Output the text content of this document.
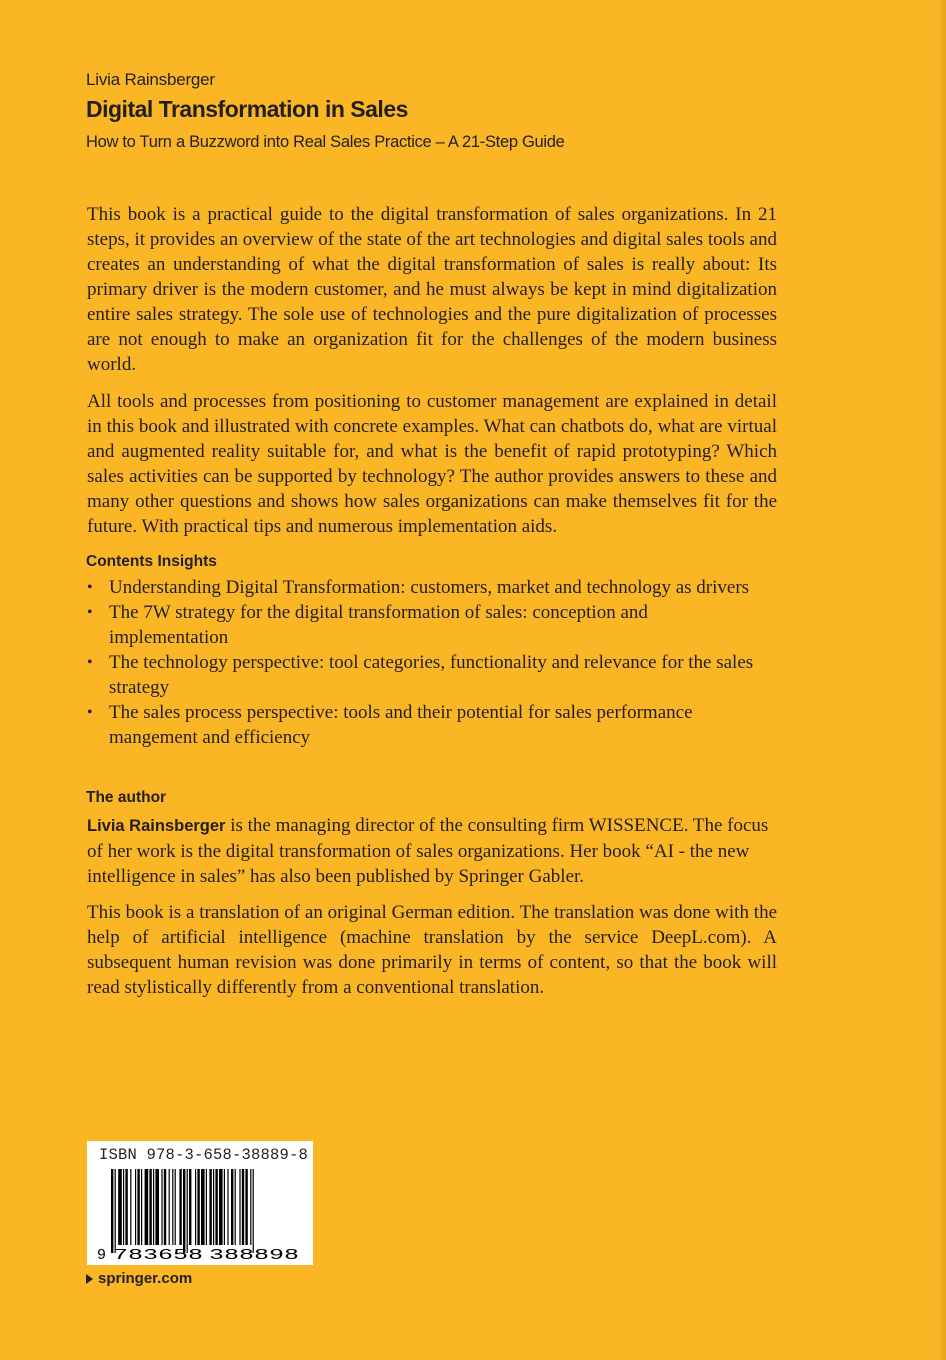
Livia Rainsberger
Digital Transformation in Sales
How to Turn a Buzzword into Real Sales Practice – A 21-Step Guide

This book is a practical guide to the digital transformation of sales organizations. In 21 steps, it provides an overview of the state of the art technologies and digital sales tools and creates an understanding of what the digital transformation of sales is really about: Its primary driver is the modern customer, and he must always be kept in mind digitalization entire sales strategy. The sole use of technologies and the pure digitalization of processes are not enough to make an organization fit for the challenges of the modern business world.

All tools and processes from positioning to customer management are explained in detail in this book and illustrated with concrete examples. What can chatbots do, what are virtual and augmented reality suitable for, and what is the benefit of rapid prototyping? Which sales activities can be supported by technology? The author provides answers to these and many other questions and shows how sales organizations can make themselves fit for the future. With practical tips and numerous implementation aids.

Contents Insights
• Understanding Digital Transformation: customers, market and technology as drivers
• The 7W strategy for the digital transformation of sales: conception and implementation
• The technology perspective: tool categories, functionality and relevance for the sales strategy
• The sales process perspective: tools and their potential for sales performance mangement and efficiency
The author

Livia Rainsberger is the managing director of the consulting firm WISSENCE. The focus of her work is the digital transformation of sales organizations. Her book “AI - the new intelligence in sales” has also been published by Springer Gabler.

This book is a translation of an original German edition. The translation was done with the help of artificial intelligence (machine translation by the service DeepL.com). A subsequent human revision was done primarily in terms of content, so that the book will read stylistically differently from a conventional translation.

ISBN 978-3-658-38889-8
9 783658 388898
springer.com
